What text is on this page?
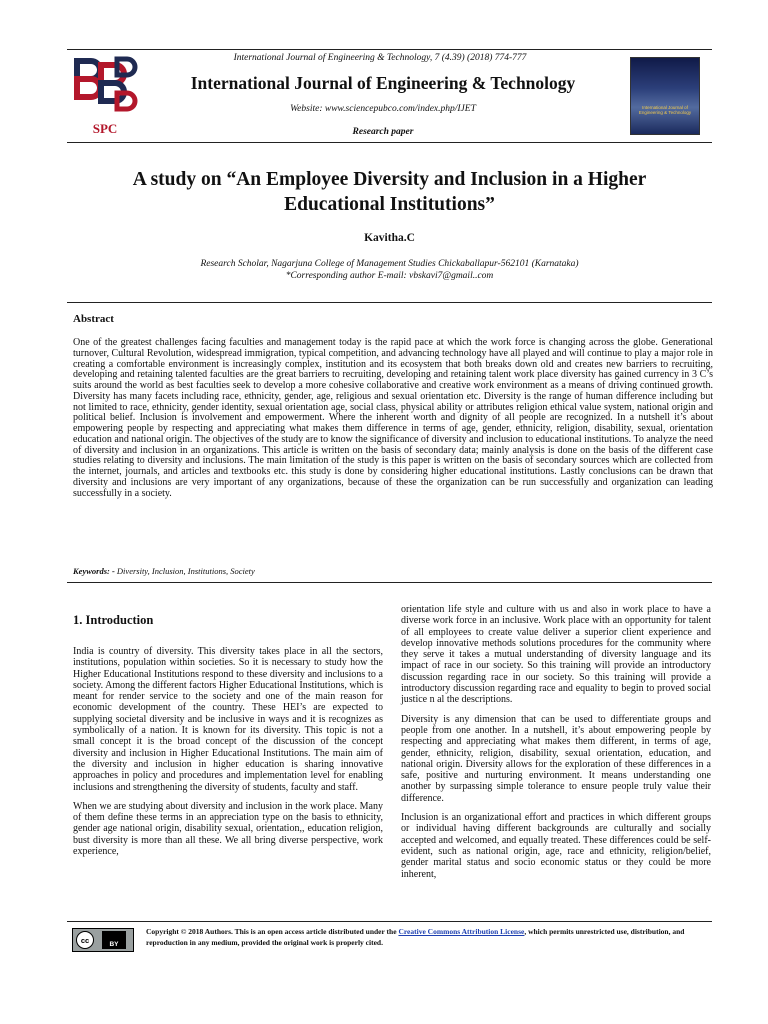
SPC
International Journal of Engineering & Technology, 7 (4.39) (2018) 774-777
International Journal of Engineering & Technology
Website: www.sciencepubco.com/index.php/IJET
Research paper
International Journal of Engineering & Technology
A study on “An Employee Diversity and Inclusion in a Higher
Educational Institutions”
Kavitha.C
Research Scholar, Nagarjuna College of Management Studies Chickaballapur-562101 (Karnataka)
*Corresponding author E-mail: vbskavi7@gmail..com
Abstract
One of the greatest challenges facing faculties and management today is the rapid pace at which the work force is changing across the globe. Generational turnover, Cultural Revolution, widespread immigration, typical competition, and advancing technology have all played and will continue to play a major role in creating a comfortable environment is increasingly complex, institution and its ecosystem that both breaks down old and creates new barriers to recruiting, developing and retaining talented faculties are the great barriers to recruiting, developing and retaining talent work place diversity has gained currency in 3 C’s suits around the world as best faculties seek to develop a more cohesive collaborative and creative work environment as a means of driving continued growth. Diversity has many facets including race, ethnicity, gender, age, religious and sexual orientation etc. Diversity is the range of human difference including but not limited to race, ethnicity, gender identity, sexual orientation age, social class, physical ability or attributes religion ethical value system, national origin and political belief. Inclusion is involvement and empowerment. Where the inherent worth and dignity of all people are recognized. In a nutshell it’s about empowering people by respecting and appreciating what makes them difference in terms of age, gender, ethnicity, religion, disability, sexual, orientation education and national origin. The objectives of the study are to know the significance of diversity and inclusion to educational institutions. To analyze the need of diversity and inclusion in an organizations. This article is written on the basis of secondary data; mainly analysis is done on the basis of the different case studies relating to diversity and inclusions. The main limitation of the study is this paper is written on the basis of secondary sources which are collected from the internet, journals, and articles and textbooks etc. this study is done by considering higher educational institutions. Lastly conclusions can be drawn that diversity and inclusions are very important of any organizations, because of these the organization can be run successfully and organization can leading successfully in a society.
Keywords: - Diversity, Inclusion, Institutions, Society
1. Introduction

India is country of diversity. This diversity takes place in all the sectors, institutions, population within societies. So it is necessary to study how the Higher Educational Institutions respond to these diversity and inclusions to a society. Among the different factors Higher Educational Institutions, which is meant for render service to the society and one of the main reason for economic development of the country. These HEI’s are expected to supplying societal diversity and be inclusive in ways and it is recognizes as symbolically of a nation. It is known for its diversity. This topic is not a small concept it is the broad concept of the discussion of the concept diversity and inclusion in Higher Educational Institutions. The main aim of the diversity and inclusion in higher education is sharing innovative approaches in policy and procedures and implementation level for enabling inclusions and strengthening the diversity of students, faculty and staff.

When we are studying about diversity and inclusion in the work place. Many of them define these terms in an appreciation type on the basis to ethnicity, gender age national origin, disability sexual, orientation,, education religion, bust diversity is more than all these. We all bring diverse perspective, work experience,

orientation life style and culture with us and also in work place to have a diverse work force in an inclusive. Work place with an opportunity for talent of all employees to create value deliver a superior client experience and develop innovative methods solutions procedures for the community where they serve it takes a mutual understanding of diversity language and its impact of race in our society. So this training will provide an introductory discussion regarding race in our society. So this training will provide a introductory discussion regarding race and equality to begin to proved social justice n al the descriptions.

Diversity is any dimension that can be used to differentiate groups and people from one another. In a nutshell, it’s about empowering people by respecting and appreciating what makes them different, in terms of age, gender, ethnicity, religion, disability, sexual orientation, education, and national origin. Diversity allows for the exploration of these differences in a safe, positive and nurturing environment. It means understanding one another by surpassing simple tolerance to ensure people truly value their difference.

Inclusion is an organizational effort and practices in which different groups or individual having different backgrounds are culturally and socially accepted and welcomed, and equally treated. These differences could be self-evident, such as national origin, age, race and ethnicity, religion/belief, gender marital status and socio economic status or they could be more inherent,

cc	BY
Copyright © 2018 Authors. This is an open access article distributed under the Creative Commons Attribution License, which permits unrestricted use, distribution, and reproduction in any medium, provided the original work is properly cited.
